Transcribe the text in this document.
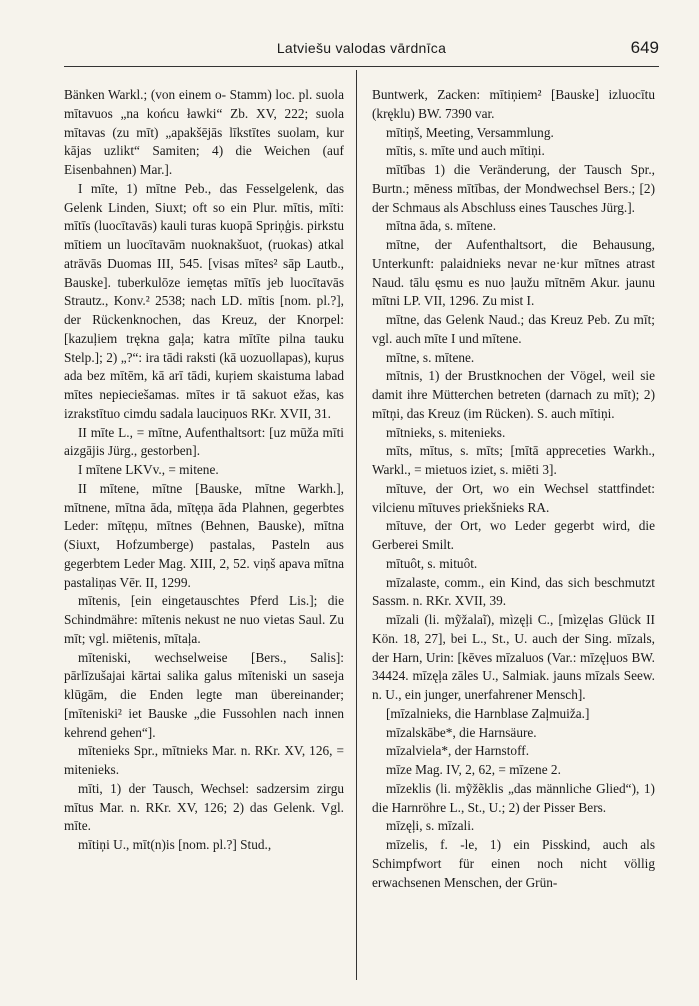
Latviešu valodas vārdnīca	649

Bänken Warkl.; (von einem o- Stamm) loc. pl. suola mītavuos „na końcu ławki“ Zb. XV, 222; suola mītavas (zu mīt) „apakšējās līkstītes suolam, kur kājas uzlikt“ Samiten; 4) die Weichen (auf Eisenbahnen) Mar.].

I mīte, 1) mītne Peb., das Fesselgelenk, das Gelenk Linden, Siuxt; oft so ein Plur. mītis, mīti: mītīs (luocītavās) kauli turas kuopā Spriņģis. pirkstu mītiem un luocītavām nuoknakšuot, (ruokas) atkal atrāvās Duomas III, 545. [visas mītes² sāp Lautb., Bauske]. tuberkulōze iemętas mītīs jeb luocītavās Strautz., Konv.² 2538; nach LD. mītis [nom. pl.?], der Rückenknochen, das Kreuz, der Knorpel: [kazuļiem trękna gaļa; katra mītīte pilna tauku Stelp.]; 2) „?“: ira tādi raksti (kā uozuollapas), kuŗus ada bez mītēm, kā arī tādi, kuŗiem skaistuma labad mītes nepieciešamas. mītes ir tā sakuot ežas, kas izrakstītuo cimdu sadala lauciņuos RKr. XVII, 31.

II mīte L., = mītne, Aufenthaltsort: [uz mūža mīti aizgājis Jürg., gestorben].

I mītene LKVv., = mitene.

II mītene, mītne [Bauske, mītne Warkh.], mītnene, mītna āda, mītęņa āda Plahnen, gegerbtes Leder: mītęņu, mītnes (Behnen, Bauske), mītna (Siuxt, Hofzumberge) pastalas, Pasteln aus gegerbtem Leder Mag. XIII, 2, 52. viņš apava mītna pastaliņas Vēr. II, 1299.

mītenis, [ein eingetauschtes Pferd Lis.]; die Schindmähre: mītenis nekust ne nuo vietas Saul. Zu mīt; vgl. miētenis, mītaļa.

mīteniski, wechselweise [Bers., Salis]: pārlīzušajai kārtai salika galus mīteniski un saseja klūgām, die Enden legte man übereinander; [mīteniski² iet Bauske „die Fussohlen nach innen kehrend gehen“].

mītenieks Spr., mītnieks Mar. n. RKr. XV, 126, = mitenieks.

mīti, 1) der Tausch, Wechsel: sadzersim zirgu mītus Mar. n. RKr. XV, 126; 2) das Gelenk. Vgl. mīte.

mītiņi U., mīt(n)is [nom. pl.?] Stud.,

Buntwerk, Zacken: mītiņiem² [Bauske] izluocītu (kręklu) BW. 7390 var.

mītiņš, Meeting, Versammlung.

mītis, s. mīte und auch mītiņi.

mītības 1) die Veränderung, der Tausch Spr., Burtn.; mēness mītības, der Mondwechsel Bers.; [2) der Schmaus als Abschluss eines Tausches Jürg.].

mītna āda, s. mītene.

mītne, der Aufenthaltsort, die Behausung, Unterkunft: palaidnieks nevar ne·kur mītnes atrast Naud. tālu ęsmu es nuo ļaužu mītnēm Akur. jaunu mītni LP. VII, 1296. Zu mist I.

mītne, das Gelenk Naud.; das Kreuz Peb. Zu mīt; vgl. auch mīte I und mītene.

mītne, s. mītene.

mītnis, 1) der Brustknochen der Vögel, weil sie damit ihre Mütterchen betreten (darnach zu mīt); 2) mītņi, das Kreuz (im Rücken). S. auch mītiņi.

mītnieks, s. mitenieks.

mīts, mītus, s. mīts; [mītā appreceties Warkh., Warkl., = mietuos iziet, s. miēti 3].

mītuve, der Ort, wo ein Wechsel stattfindet: vilcienu mītuves priekšnieks RA.

mītuve, der Ort, wo Leder gegerbt wird, die Gerberei Smilt.

mītuôt, s. mituôt.

mīzalaste, comm., ein Kind, das sich beschmutzt Sassm. n. RKr. XVII, 39.

mīzali (li. mỹžalaĩ), mìzęļi C., [mìzęlas Glück II Kön. 18, 27], bei L., St., U. auch der Sing. mīzals, der Harn, Urin: [kēves mīzaluos (Var.: mīzęļuos BW. 34424. mīzęļa zāles U., Salmiak. jauns mīzals Seew. n. U., ein junger, unerfahrener Mensch].

[mīzalnieks, die Harnblase Zaļmuiža.]

mīzalskābe*, die Harnsäure.

mīzalviela*, der Harnstoff.

mīze Mag. IV, 2, 62, = mīzene 2.

mīzeklis (li. mỹžẽklis „das männliche Glied“), 1) die Harnröhre L., St., U.; 2) der Pisser Bers.

mīzęļi, s. mīzali.

mīzelis, f. -le, 1) ein Pisskind, auch als Schimpfwort für einen noch nicht völlig erwachsenen Menschen, der Grün-
